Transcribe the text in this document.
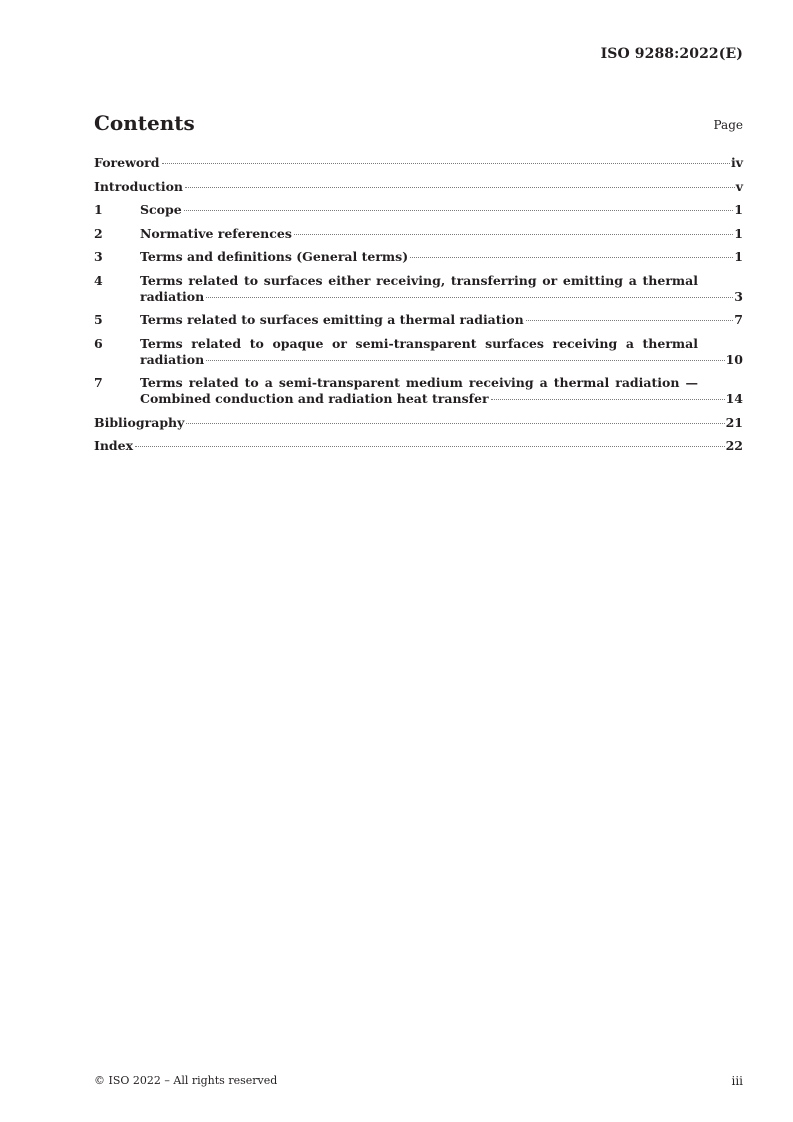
ISO 9288:2022(E)
Contents	Page
Foreword	iv
Introduction	v
1	Scope	1
2	Normative references	1
3	Terms and definitions (General terms)	1
4	Terms related to surfaces either receiving, transferring or emitting a thermal
radiation	3
5	Terms related to surfaces emitting a thermal radiation	7
6	Terms related to opaque or semi-transparent surfaces receiving a thermal
radiation	10
7	Terms related to a semi-transparent medium receiving a thermal radiation —
Combined conduction and radiation heat transfer	14
Bibliography	21
Index	22
© ISO 2022 – All rights reserved	iii
